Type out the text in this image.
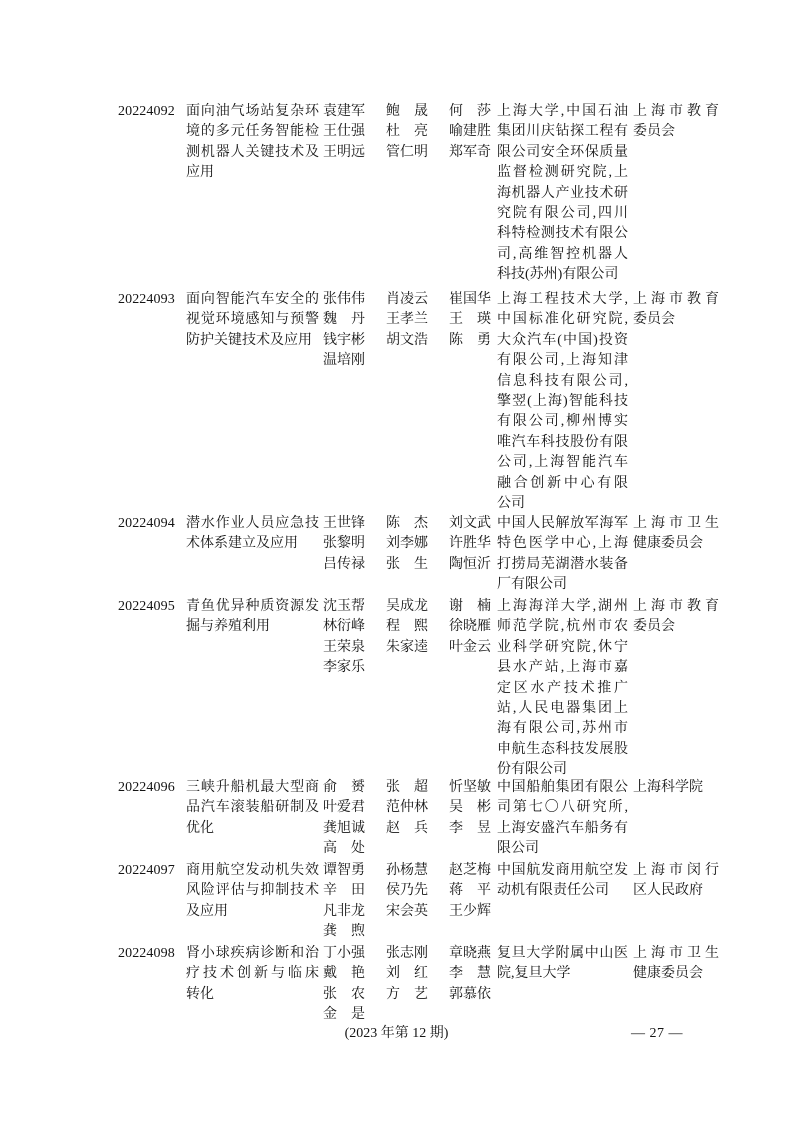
20224092 面向油气场站复杂环
境的多元任务智能检
测机器人关键技术及
应用
袁建军
王仕强
王明远
鲍　晟
杜　亮
管仁明
何　莎
喻建胜
郑军奇
上海大学,中国石油
集团川庆钻探工程有
限公司安全环保质量
监督检测研究院,上
海机器人产业技术研
究院有限公司,四川
科特检测技术有限公
司,高维智控机器人
科技(苏州)有限公司
上海市教育
委员会
20224093 面向智能汽车安全的
视觉环境感知与预警
防护关键技术及应用
张伟伟
魏　丹
钱宇彬
温培刚
肖凌云
王孝兰
胡文浩
崔国华
王　瑛
陈　勇
上海工程技术大学,
中国标准化研究院,
大众汽车(中国)投资
有限公司,上海知津
信息科技有限公司,
擎翌(上海)智能科技
有限公司,柳州博实
唯汽车科技股份有限
公司,上海智能汽车
融合创新中心有限
公司
上海市教育
委员会
20224094 潜水作业人员应急技
术体系建立及应用
王世锋
张黎明
吕传禄
陈　杰
刘李娜
张　生
刘文武
许胜华
陶恒沂
中国人民解放军海军
特色医学中心,上海
打捞局芜湖潜水装备
厂有限公司
上海市卫生
健康委员会
20224095 青鱼优异种质资源发
掘与养殖利用
沈玉帮
林衍峰
王荣泉
李家乐
吴成龙
程　熙
朱家逵
谢　楠
徐晓雁
叶金云
上海海洋大学,湖州
师范学院,杭州市农
业科学研究院,休宁
县水产站,上海市嘉
定区水产技术推广
站,人民电器集团上
海有限公司,苏州市
申航生态科技发展股
份有限公司
上海市教育
委员会
20224096 三峡升船机最大型商
品汽车滚装船研制及
优化
俞　赟
叶爱君
龚旭诚
高　处
张　超
范仲林
赵　兵
忻坚敏
吴　彬
李　昱
中国船舶集团有限公
司第七〇八研究所,
上海安盛汽车船务有
限公司
上海科学院
20224097 商用航空发动机失效
风险评估与抑制技术
及应用
谭智勇
辛　田
凡非龙
龚　煦
孙杨慧
侯乃先
宋会英
赵芝梅
蒋　平
王少辉
中国航发商用航空发
动机有限责任公司
上海市闵行
区人民政府
20224098 肾小球疾病诊断和治
疗技术创新与临床
转化
丁小强
戴　艳
张　农
金　是
张志刚
刘　红
方　艺
章晓燕
李　慧
郭慕依
复旦大学附属中山医
院,复旦大学
上海市卫生
健康委员会
(2023 年第 12 期)	— 27 —
